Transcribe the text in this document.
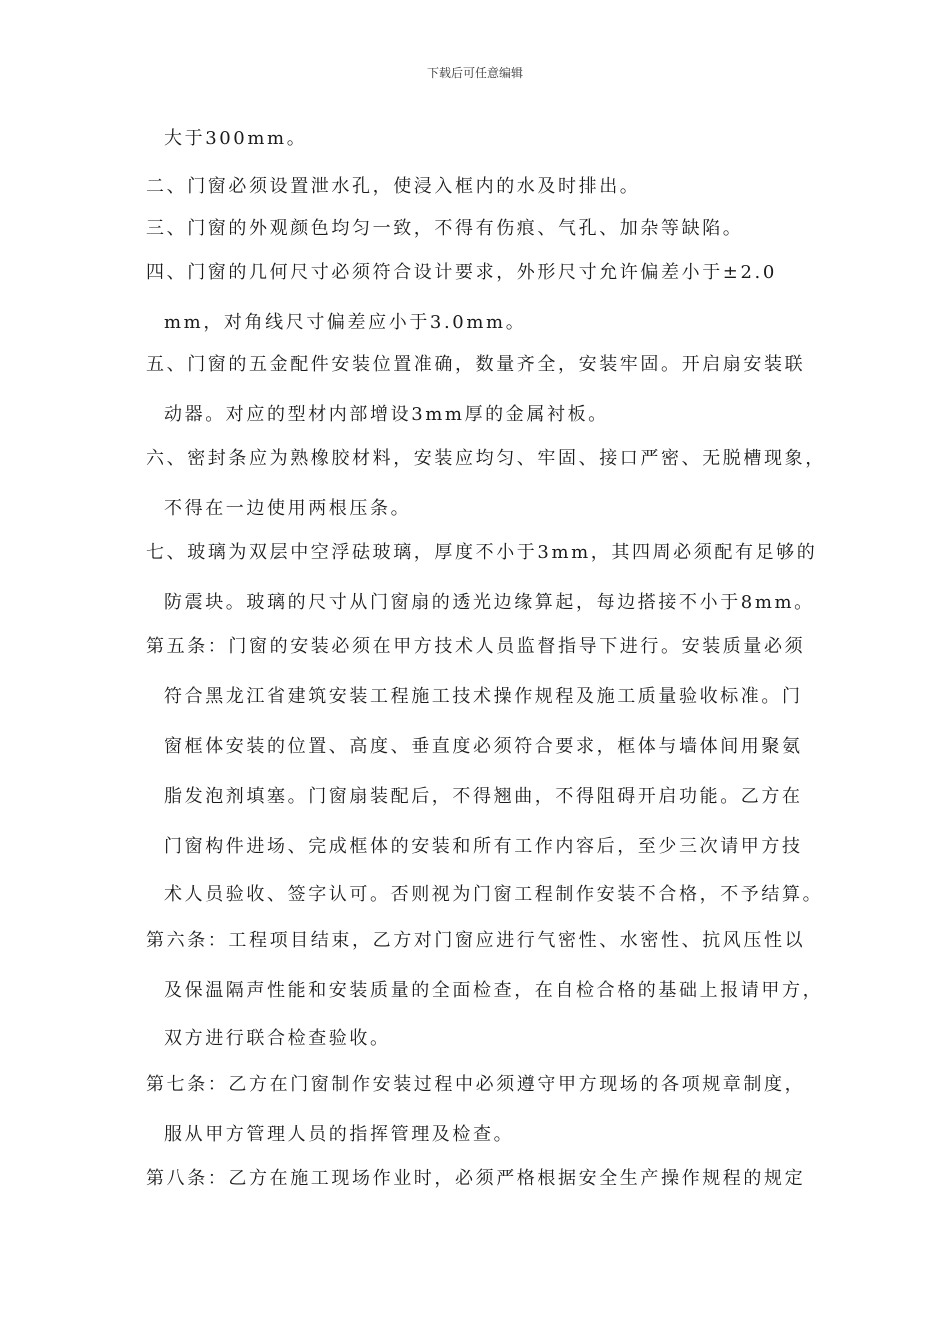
下载后可任意编辑
大于300mm。
二、门窗必须设置泄水孔，使浸入框内的水及时排出。
三、门窗的外观颜色均匀一致，不得有伤痕、气孔、加杂等缺陷。
四、门窗的几何尺寸必须符合设计要求，外形尺寸允许偏差小于±2.0
mm，对角线尺寸偏差应小于3.0mm。
五、门窗的五金配件安装位置准确，数量齐全，安装牢固。开启扇安装联
动器。对应的型材内部增设3mm厚的金属衬板。
六、密封条应为熟橡胶材料，安装应均匀、牢固、接口严密、无脱槽现象，
不得在一边使用两根压条。
七、玻璃为双层中空浮砝玻璃，厚度不小于3mm，其四周必须配有足够的
防震块。玻璃的尺寸从门窗扇的透光边缘算起，每边搭接不小于8mm。
第五条：门窗的安装必须在甲方技术人员监督指导下进行。安装质量必须
符合黑龙江省建筑安装工程施工技术操作规程及施工质量验收标准。门
窗框体安装的位置、高度、垂直度必须符合要求，框体与墙体间用聚氨
脂发泡剂填塞。门窗扇装配后，不得翘曲，不得阻碍开启功能。乙方在
门窗构件进场、完成框体的安装和所有工作内容后，至少三次请甲方技
术人员验收、签字认可。否则视为门窗工程制作安装不合格，不予结算。
第六条：工程项目结束，乙方对门窗应进行气密性、水密性、抗风压性以
及保温隔声性能和安装质量的全面检查，在自检合格的基础上报请甲方，
双方进行联合检查验收。
第七条：乙方在门窗制作安装过程中必须遵守甲方现场的各项规章制度，
服从甲方管理人员的指挥管理及检查。
第八条：乙方在施工现场作业时，必须严格根据安全生产操作规程的规定
